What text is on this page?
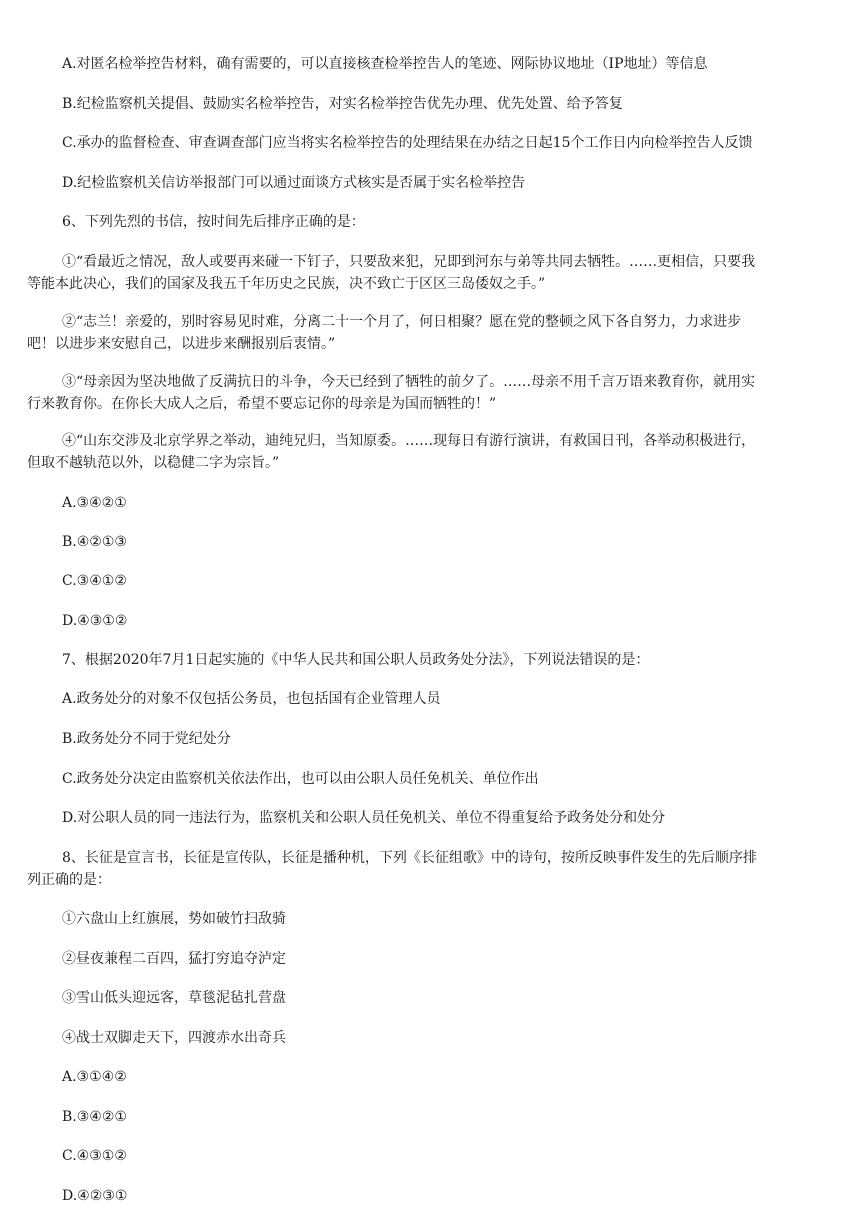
A.对匿名检举控告材料，确有需要的，可以直接核查检举控告人的笔迹、网际协议地址（IP地址）等信息
B.纪检监察机关提倡、鼓励实名检举控告，对实名检举控告优先办理、优先处置、给予答复
C.承办的监督检查、审查调查部门应当将实名检举控告的处理结果在办结之日起15个工作日内向检举控告人反馈
D.纪检监察机关信访举报部门可以通过面谈方式核实是否属于实名检举控告
6、下列先烈的书信，按时间先后排序正确的是：
①“看最近之情况，敌人或要再来碰一下钉子，只要敌来犯，兄即到河东与弟等共同去牺牲。……更相信，只要我
等能本此决心，我们的国家及我五千年历史之民族，决不致亡于区区三岛倭奴之手。”
②“志兰！亲爱的，别时容易见时难，分离二十一个月了，何日相聚？愿在党的整顿之风下各自努力，力求进步
吧！以进步来安慰自己，以进步来酬报别后衷情。”
③“母亲因为坚决地做了反满抗日的斗争，今天已经到了牺牲的前夕了。……母亲不用千言万语来教育你，就用实
行来教育你。在你长大成人之后，希望不要忘记你的母亲是为国而牺牲的！”
④“山东交涉及北京学界之举动，迪纯兄归，当知原委。……现每日有游行演讲，有救国日刊，各举动积极进行，
但取不越轨范以外，以稳健二字为宗旨。”
A.③④②①
B.④②①③
C.③④①②
D.④③①②
7、根据2020年7月1日起实施的《中华人民共和国公职人员政务处分法》，下列说法错误的是：
A.政务处分的对象不仅包括公务员，也包括国有企业管理人员
B.政务处分不同于党纪处分
C.政务处分决定由监察机关依法作出，也可以由公职人员任免机关、单位作出
D.对公职人员的同一违法行为，监察机关和公职人员任免机关、单位不得重复给予政务处分和处分
8、长征是宣言书，长征是宣传队，长征是播种机，下列《长征组歌》中的诗句，按所反映事件发生的先后顺序排
列正确的是：
①六盘山上红旗展，势如破竹扫敌骑
②昼夜兼程二百四，猛打穷追夺泸定
③雪山低头迎远客，草毯泥毡扎营盘
④战士双脚走天下，四渡赤水出奇兵
A.③①④②
B.③④②①
C.④③①②
D.④②③①
